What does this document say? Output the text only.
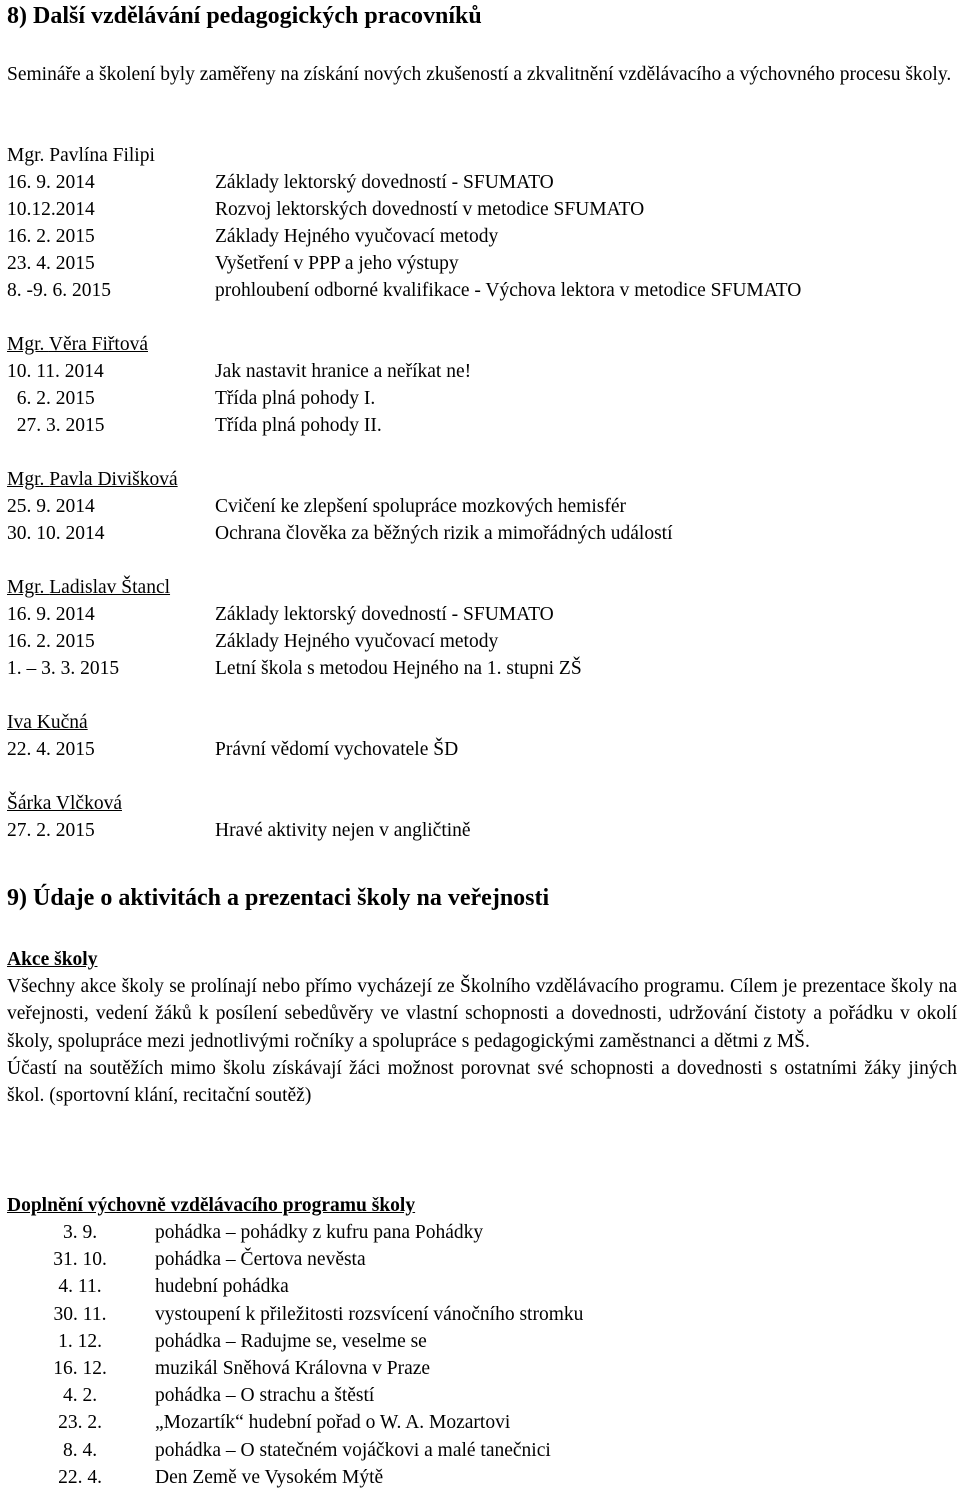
8) Další vzdělávání pedagogických pracovníků
Semináře a školení byly zaměřeny na získání nových zkušeností a zkvalitnění vzdělávacího a výchovného procesu školy.
Mgr. Pavlína Filipi
16. 9. 2014	Základy lektorský dovedností - SFUMATO
10.12.2014	Rozvoj lektorských dovedností v metodice SFUMATO
16. 2. 2015	Základy Hejného vyučovací metody
23. 4. 2015	Vyšetření v PPP a jeho výstupy
8. -9. 6. 2015	prohloubení odborné kvalifikace - Výchova lektora v metodice SFUMATO
Mgr. Věra Fiřtová
10. 11. 2014	Jak nastavit hranice a neříkat ne!
6. 2. 2015	Třída plná pohody I.
27. 3. 2015	Třída plná pohody II.
Mgr. Pavla Divišková
25. 9. 2014	Cvičení ke zlepšení spolupráce mozkových hemisfér
30. 10. 2014	Ochrana člověka za běžných rizik a mimořádných událostí
Mgr. Ladislav Štancl
16. 9. 2014	Základy lektorský dovedností - SFUMATO
16. 2. 2015	Základy Hejného vyučovací metody
1. – 3. 3. 2015	Letní škola s metodou Hejného na 1. stupni ZŠ
Iva Kučná
22. 4. 2015	Právní vědomí vychovatele ŠD
Šárka Vlčková
27. 2. 2015	Hravé aktivity nejen v angličtině
9) Údaje o aktivitách a prezentaci školy na veřejnosti
Akce školy
Všechny akce školy se prolínají nebo přímo vycházejí ze Školního vzdělávacího programu. Cílem je prezentace školy na veřejnosti, vedení žáků k posílení sebedůvěry ve vlastní schopnosti a dovednosti, udržování čistoty a pořádku v okolí školy, spolupráce mezi jednotlivými ročníky a spolupráce s pedagogickými zaměstnanci a dětmi z MŠ.
Účastí na soutěžích mimo školu získávají žáci možnost porovnat své schopnosti a dovednosti s ostatními žáky jiných škol. (sportovní klání, recitační soutěž)
Doplnění výchovně vzdělávacího programu školy
3. 9.	pohádka – pohádky z kufru pana Pohádky
31. 10.	pohádka – Čertova nevěsta
4. 11.	hudební pohádka
30. 11.	vystoupení k přiležitosti rozsvícení vánočního stromku
1. 12.	pohádka – Radujme se, veselme se
16. 12.	muzikál Sněhová Královna v Praze
4. 2.	pohádka – O strachu a štěstí
23. 2.	„Mozartík“ hudební pořad o W. A. Mozartovi
8. 4.	pohádka – O statečném vojáčkovi a malé tanečnici
22. 4.	Den Země ve Vysokém Mýtě
